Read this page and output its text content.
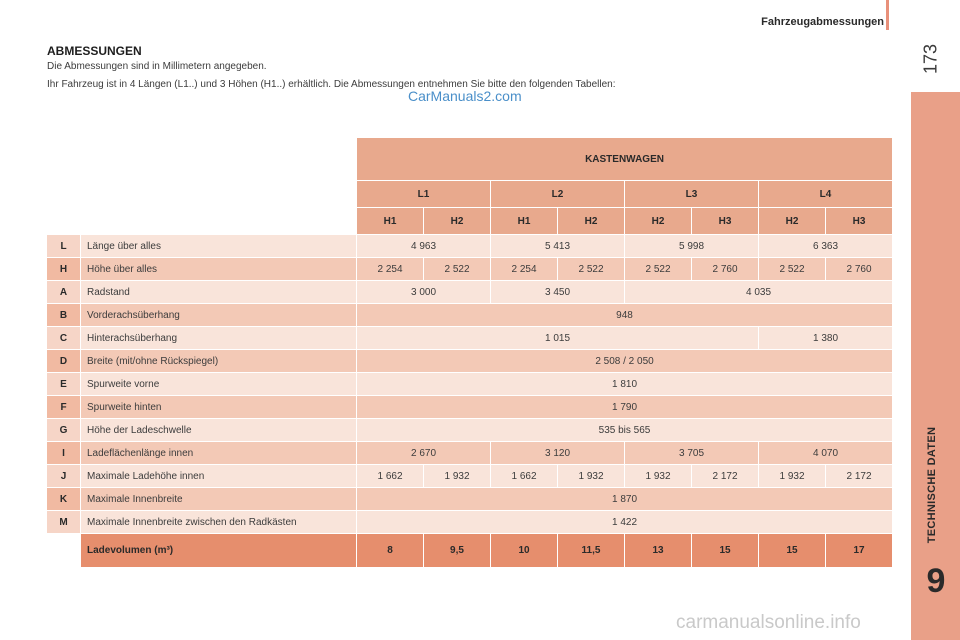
Fahrzeugabmessungen
173
TECHNISCHE DATEN
9
ABMESSUNGEN
Die Abmessungen sind in Millimetern angegeben.
Ihr Fahrzeug ist in 4 Längen (L1..) und 3 Höhen (H1..) erhältlich. Die Abmessungen entnehmen Sie bitte den folgenden Tabellen:
CarManuals2.com
		KASTENWAGEN							
		L1		L2		L3		L4	
		H1	H2	H1	H2	H2	H3	H2	H3
L	Länge über alles	4 963		5 413		5 998		6 363	
H	Höhe über alles	2 254	2 522	2 254	2 522	2 522	2 760	2 522	2 760
A	Radstand	3 000		3 450		4 035			
B	Vorderachsüberhang	948							
C	Hinterachsüberhang	1 015						1 380	
D	Breite (mit/ohne Rückspiegel)	2 508 / 2 050							
E	Spurweite vorne	1 810							
F	Spurweite hinten	1 790							
G	Höhe der Ladeschwelle	535 bis 565							
I	Ladeflächenlänge innen	2 670		3 120		3 705		4 070	
J	Maximale Ladehöhe innen	1 662	1 932	1 662	1 932	1 932	2 172	1 932	2 172
K	Maximale Innenbreite	1 870							
M	Maximale Innenbreite zwischen den Radkästen	1 422							
	Ladevolumen (m³)	8	9,5	10	11,5	13	15	15	17
carmanualsonline.info
